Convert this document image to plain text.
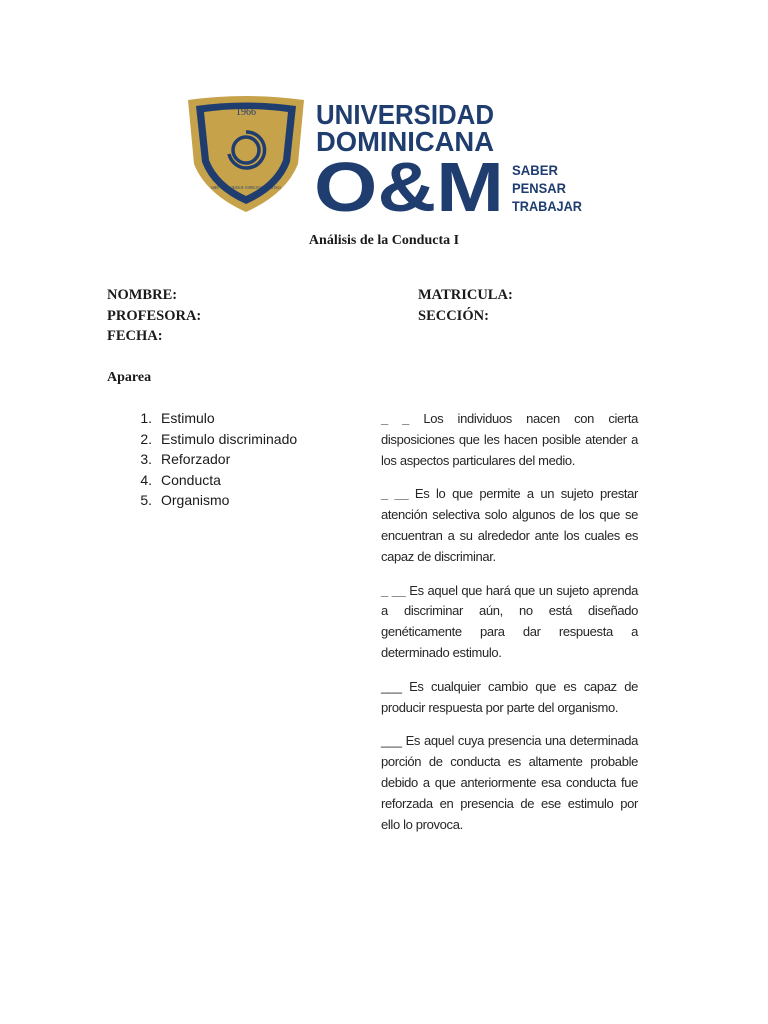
1966
SABER · PENSAR · TRABAJAR · DOMINICANA POR EXCELENCIA
UNIVERSIDAD
DOMINICANA
O&M SABER
PENSAR
TRABAJAR
Análisis de la Conducta I
NOMBRE:
PROFESORA:
FECHA:
MATRICULA:
SECCIÓN:
Aparea
1. Estimulo
2. Estimulo discriminado
3. Reforzador
4. Conducta
5. Organismo

_ _ Los individuos nacen con cierta disposiciones que les hacen posible atender a los aspectos particulares del medio.

_ __ Es lo que permite a un sujeto prestar atención selectiva solo algunos de los que se encuentran a su alrededor ante los cuales es capaz de discriminar.

_ __ Es aquel que hará que un sujeto aprenda a discriminar aún, no está diseñado genéticamente para dar respuesta a determinado estimulo.

___ Es cualquier cambio que es capaz de producir respuesta por parte del organismo.

___ Es aquel cuya presencia una determinada porción de conducta es altamente probable debido a que anteriormente esa conducta fue reforzada en presencia de ese estimulo por ello lo provoca.
